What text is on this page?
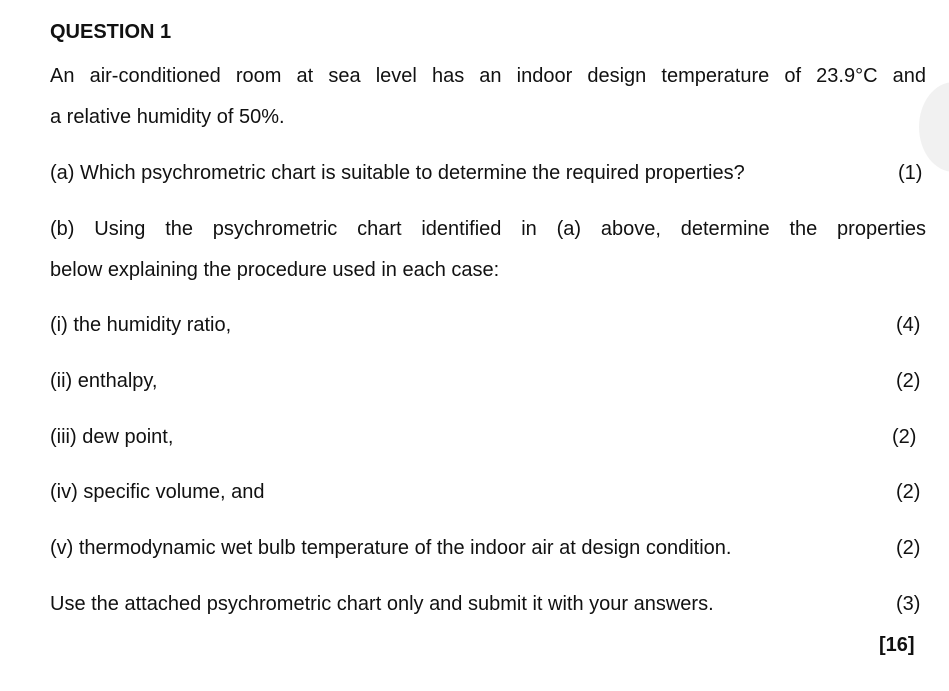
QUESTION 1
An air-conditioned room at sea level has an indoor design temperature of 23.9°C and
a relative humidity of 50%.
(a) Which psychrometric chart is suitable to determine the required properties?	(1)
(b) Using the psychrometric chart identified in (a) above, determine the properties
below explaining the procedure used in each case:
(i) the humidity ratio,	(4)
(ii) enthalpy,	(2)
(iii) dew point,	(2)
(iv) specific volume, and	(2)
(v) thermodynamic wet bulb temperature of the indoor air at design condition.	(2)
Use the attached psychrometric chart only and submit it with your answers.	(3)
[16]
